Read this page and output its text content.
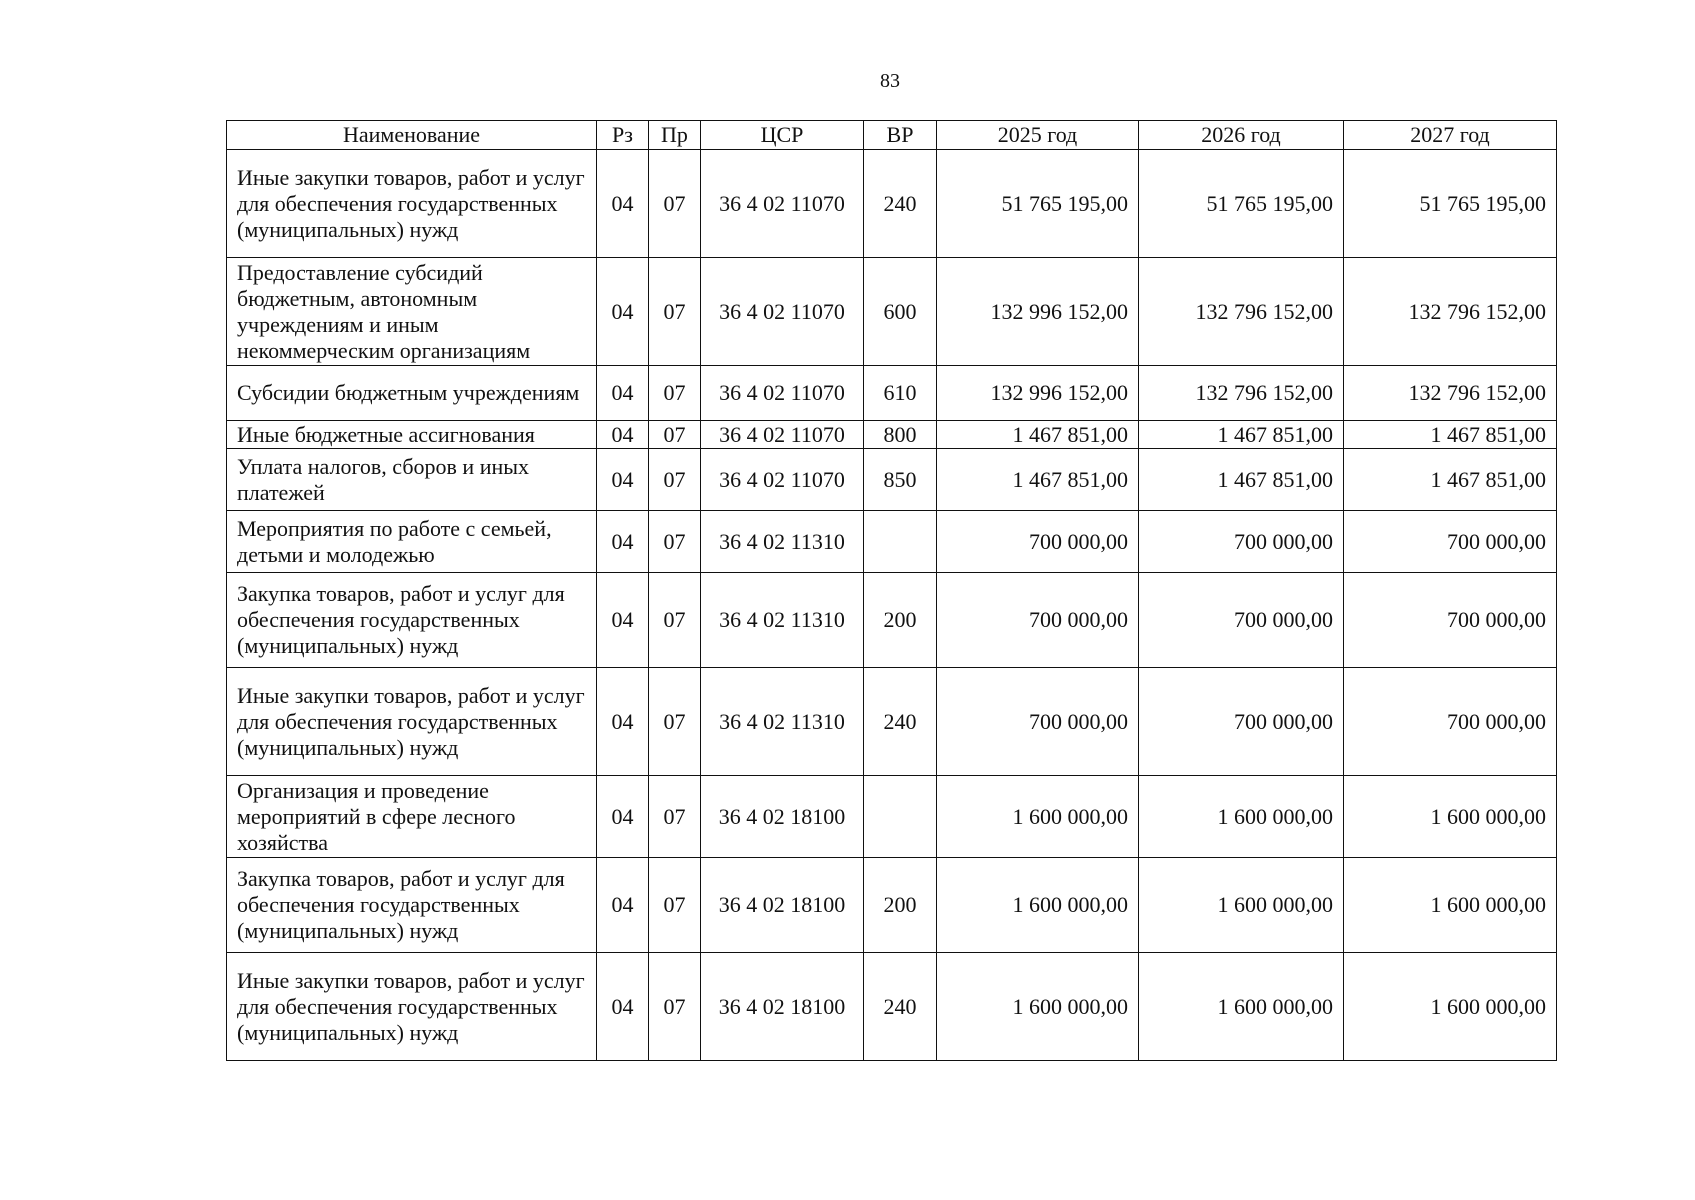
83
Наименование	Рз	Пр	ЦСР	ВР	2025 год	2026 год	2027 год
Иные закупки товаров, работ и услуг для обеспечения государственных (муниципальных) нужд	04	07	36 4 02 11070	240	51 765 195,00	51 765 195,00	51 765 195,00
Предоставление субсидий бюджетным, автономным учреждениям и иным некоммерческим организациям	04	07	36 4 02 11070	600	132 996 152,00	132 796 152,00	132 796 152,00
Субсидии бюджетным учреждениям	04	07	36 4 02 11070	610	132 996 152,00	132 796 152,00	132 796 152,00
Иные бюджетные ассигнования	04	07	36 4 02 11070	800	1 467 851,00	1 467 851,00	1 467 851,00
Уплата налогов, сборов и иных платежей	04	07	36 4 02 11070	850	1 467 851,00	1 467 851,00	1 467 851,00
Мероприятия по работе с семьей, детьми и молодежью	04	07	36 4 02 11310		700 000,00	700 000,00	700 000,00
Закупка товаров, работ и услуг для обеспечения государственных (муниципальных) нужд	04	07	36 4 02 11310	200	700 000,00	700 000,00	700 000,00
Иные закупки товаров, работ и услуг для обеспечения государственных (муниципальных) нужд	04	07	36 4 02 11310	240	700 000,00	700 000,00	700 000,00
Организация и проведение мероприятий в сфере лесного хозяйства	04	07	36 4 02 18100		1 600 000,00	1 600 000,00	1 600 000,00
Закупка товаров, работ и услуг для обеспечения государственных (муниципальных) нужд	04	07	36 4 02 18100	200	1 600 000,00	1 600 000,00	1 600 000,00
Иные закупки товаров, работ и услуг для обеспечения государственных (муниципальных) нужд	04	07	36 4 02 18100	240	1 600 000,00	1 600 000,00	1 600 000,00
